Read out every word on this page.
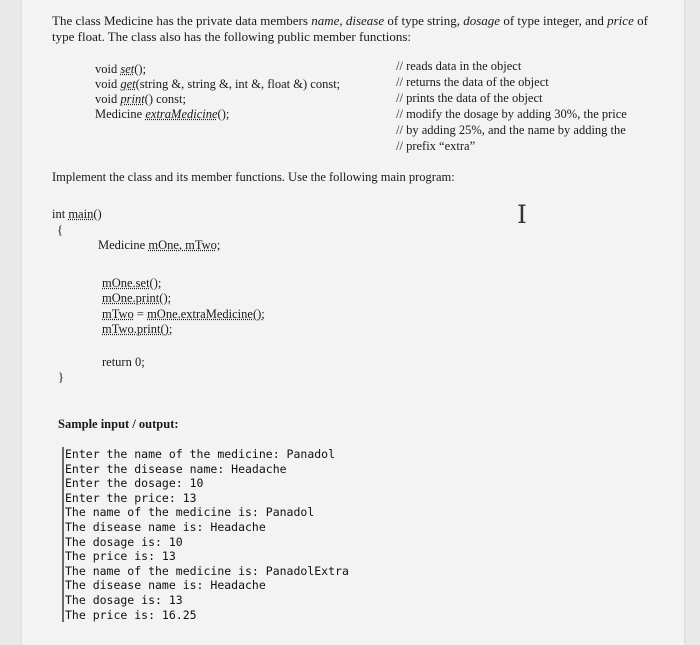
The class Medicine has the private data members name, disease of type string, dosage of type integer, and price of type float. The class also has the following public member functions:
void set();
void get(string &, string &, int &, float &) const;
void print() const;
Medicine extraMedicine();
// reads data in the object
// returns the data of the object
// prints the data of the object
// modify the dosage by adding 30%, the price
// by adding 25%, and the name by adding the
// prefix “extra”
Implement the class and its member functions. Use the following main program:
int main()
{
Medicine mOne, mTwo;
mOne.set();
mOne.print();
mTwo = mOne.extraMedicine();
mTwo.print();
return 0;
}
I
Sample input / output:
Enter the name of the medicine: Panadol
Enter the disease name: Headache
Enter the dosage: 10
Enter the price: 13
The name of the medicine is: Panadol
The disease name is: Headache
The dosage is: 10
The price is: 13
The name of the medicine is: PanadolExtra
The disease name is: Headache
The dosage is: 13
The price is: 16.25
